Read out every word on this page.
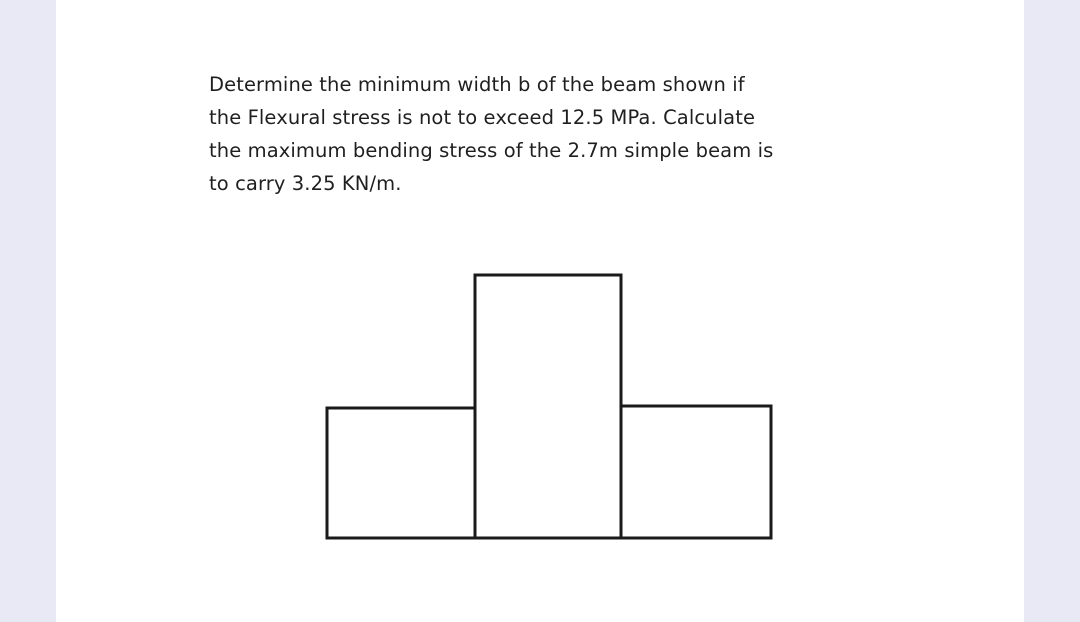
Determine the minimum width b of the beam shown if
the Flexural stress is not to exceed 12.5 MPa. Calculate
the maximum bending stress of the 2.7m simple beam is
to carry 3.25 KN/m.
